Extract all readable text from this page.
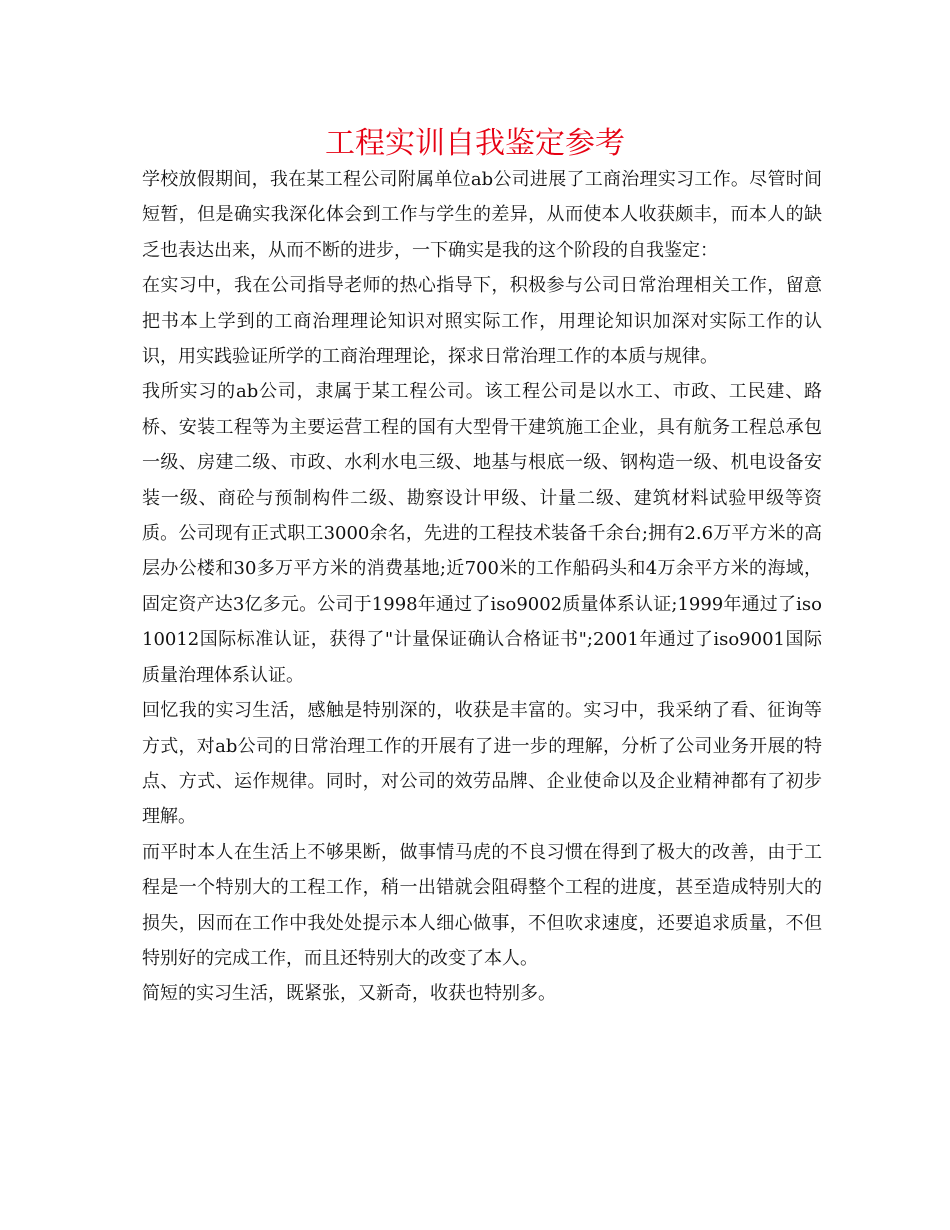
工程实训自我鉴定参考

学校放假期间，我在某工程公司附属单位ab公司进展了工商治理实习工作。尽管时间短暂，但是确实我深化体会到工作与学生的差异，从而使本人收获颇丰，而本人的缺乏也表达出来，从而不断的进步，一下确实是我的这个阶段的自我鉴定：

在实习中，我在公司指导老师的热心指导下，积极参与公司日常治理相关工作，留意把书本上学到的工商治理理论知识对照实际工作，用理论知识加深对实际工作的认识，用实践验证所学的工商治理理论，探求日常治理工作的本质与规律。

我所实习的ab公司，隶属于某工程公司。该工程公司是以水工、市政、工民建、路桥、安装工程等为主要运营工程的国有大型骨干建筑施工企业，具有航务工程总承包一级、房建二级、市政、水利水电三级、地基与根底一级、钢构造一级、机电设备安装一级、商砼与预制构件二级、勘察设计甲级、计量二级、建筑材料试验甲级等资质。公司现有正式职工3000余名，先进的工程技术装备千余台;拥有2.6万平方米的高层办公楼和30多万平方米的消费基地;近700米的工作船码头和4万余平方米的海域，固定资产达3亿多元。公司于1998年通过了iso9002质量体系认证;1999年通过了iso10012国际标准认证，获得了"计量保证确认合格证书";2001年通过了iso9001国际质量治理体系认证。

回忆我的实习生活，感触是特别深的，收获是丰富的。实习中，我采纳了看、征询等方式，对ab公司的日常治理工作的开展有了进一步的理解，分析了公司业务开展的特点、方式、运作规律。同时，对公司的效劳品牌、企业使命以及企业精神都有了初步理解。

而平时本人在生活上不够果断，做事情马虎的不良习惯在得到了极大的改善，由于工程是一个特别大的工程工作，稍一出错就会阻碍整个工程的进度，甚至造成特别大的损失，因而在工作中我处处提示本人细心做事，不但吹求速度，还要追求质量，不但特别好的完成工作，而且还特别大的改变了本人。

简短的实习生活，既紧张，又新奇，收获也特别多。
